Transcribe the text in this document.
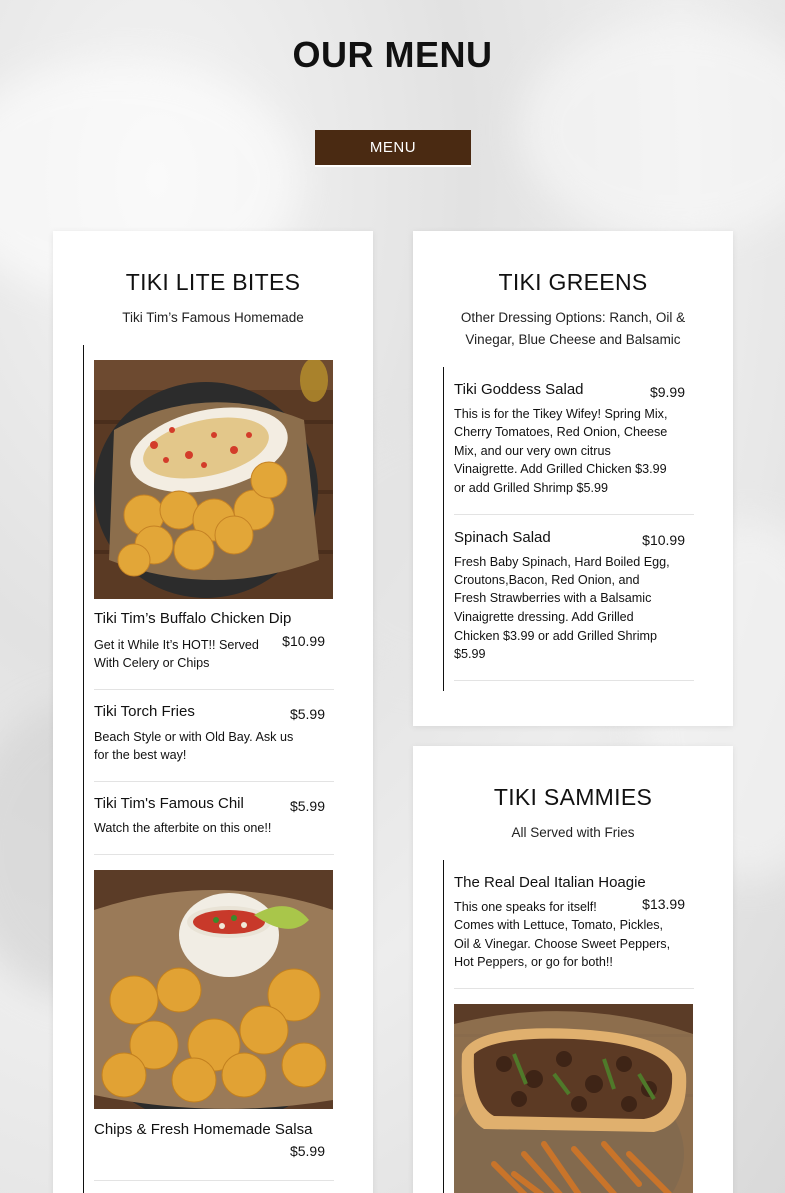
OUR MENU
MENU
TIKI LITE BITES
Tiki Tim’s Famous Homemade
Tiki Tim’s Buffalo Chicken Dip
Get it While It’s HOT!! Served
With Celery or Chips
$10.99
Tiki Torch Fries	$5.99
Beach Style or with Old Bay. Ask us
for the best way!
Tiki Tim's Famous Chil	$5.99
Watch the afterbite on this one!!
Chips & Fresh Homemade Salsa
$5.99
TIKI GREENS
Other Dressing Options: Ranch, Oil &
Vinegar, Blue Cheese and Balsamic
Tiki Goddess Salad	$9.99
This is for the Tikey Wifey! Spring Mix,
Cherry Tomatoes, Red Onion, Cheese
Mix, and our very own citrus
Vinaigrette. Add Grilled Chicken $3.99
or add Grilled Shrimp $5.99
Spinach Salad	$10.99
Fresh Baby Spinach, Hard Boiled Egg,
Croutons,Bacon, Red Onion, and
Fresh Strawberries with a Balsamic
Vinaigrette dressing. Add Grilled
Chicken $3.99 or add Grilled Shrimp
$5.99
TIKI SAMMIES
All Served with Fries
The Real Deal Italian Hoagie
$13.99
This one speaks for itself!
Comes with Lettuce, Tomato, Pickles,
Oil & Vinegar. Choose Sweet Peppers,
Hot Peppers, or go for both!!
